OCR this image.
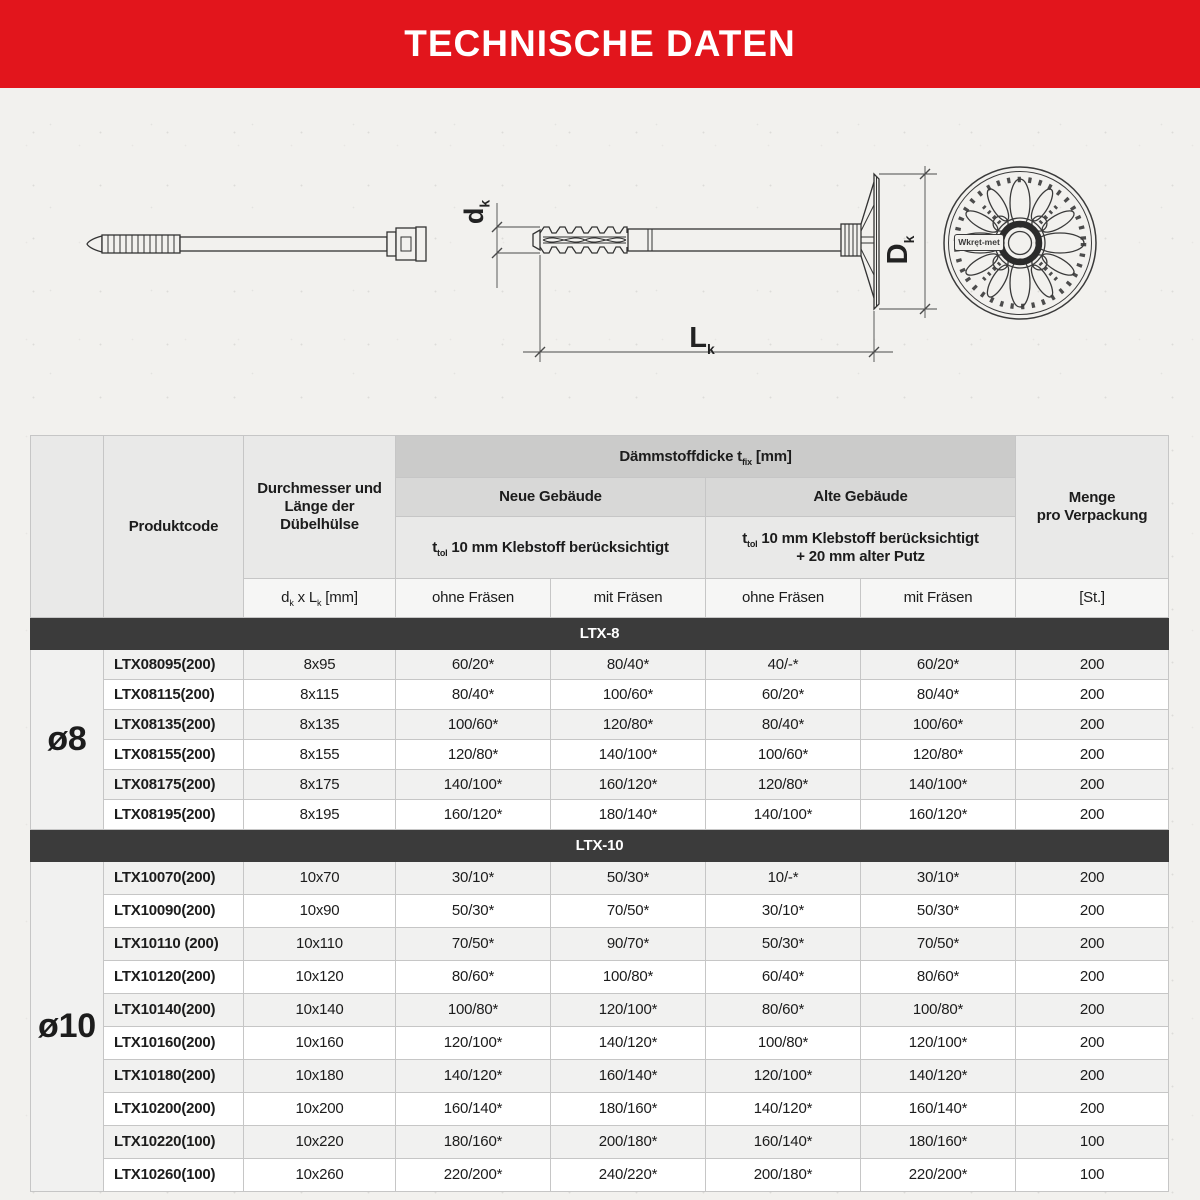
TECHNISCHE DATEN
$d_k$
$D_k$
$L_k$
Wkręt-met
	Produktcode	Durchmesser und Länge der Dübelhülse	Dämmstoffdicke $t_{fix}$ [mm]				Menge
pro Verpackung

			Neue Gebäude		Alte Gebäude		
			$t_{tol}$ 10 mm Klebstoff berücksichtigt		$t_{tol}$ 10 mm Klebstoff berücksichtigt
+ 20 mm alter Putz		

		$d_k$ x $L_k$ [mm]	ohne Fräsen	mit Fräsen	ohne Fräsen	mit Fräsen	[St.]
LTX-8							
ø8	LTX08095(200)	8x95	60/20*	80/40*	40/-*	60/20*	200
	LTX08115(200)	8x115	80/40*	100/60*	60/20*	80/40*	200
	LTX08135(200)	8x135	100/60*	120/80*	80/40*	100/60*	200
	LTX08155(200)	8x155	120/80*	140/100*	100/60*	120/80*	200
	LTX08175(200)	8x175	140/100*	160/120*	120/80*	140/100*	200
	LTX08195(200)	8x195	160/120*	180/140*	140/100*	160/120*	200
LTX-10							
ø10	LTX10070(200)	10x70	30/10*	50/30*	10/-*	30/10*	200
	LTX10090(200)	10x90	50/30*	70/50*	30/10*	50/30*	200
	LTX10110 (200)	10x110	70/50*	90/70*	50/30*	70/50*	200
	LTX10120(200)	10x120	80/60*	100/80*	60/40*	80/60*	200
	LTX10140(200)	10x140	100/80*	120/100*	80/60*	100/80*	200
	LTX10160(200)	10x160	120/100*	140/120*	100/80*	120/100*	200
	LTX10180(200)	10x180	140/120*	160/140*	120/100*	140/120*	200
	LTX10200(200)	10x200	160/140*	180/160*	140/120*	160/140*	200
	LTX10220(100)	10x220	180/160*	200/180*	160/140*	180/160*	100
	LTX10260(100)	10x260	220/200*	240/220*	200/180*	220/200*	100
